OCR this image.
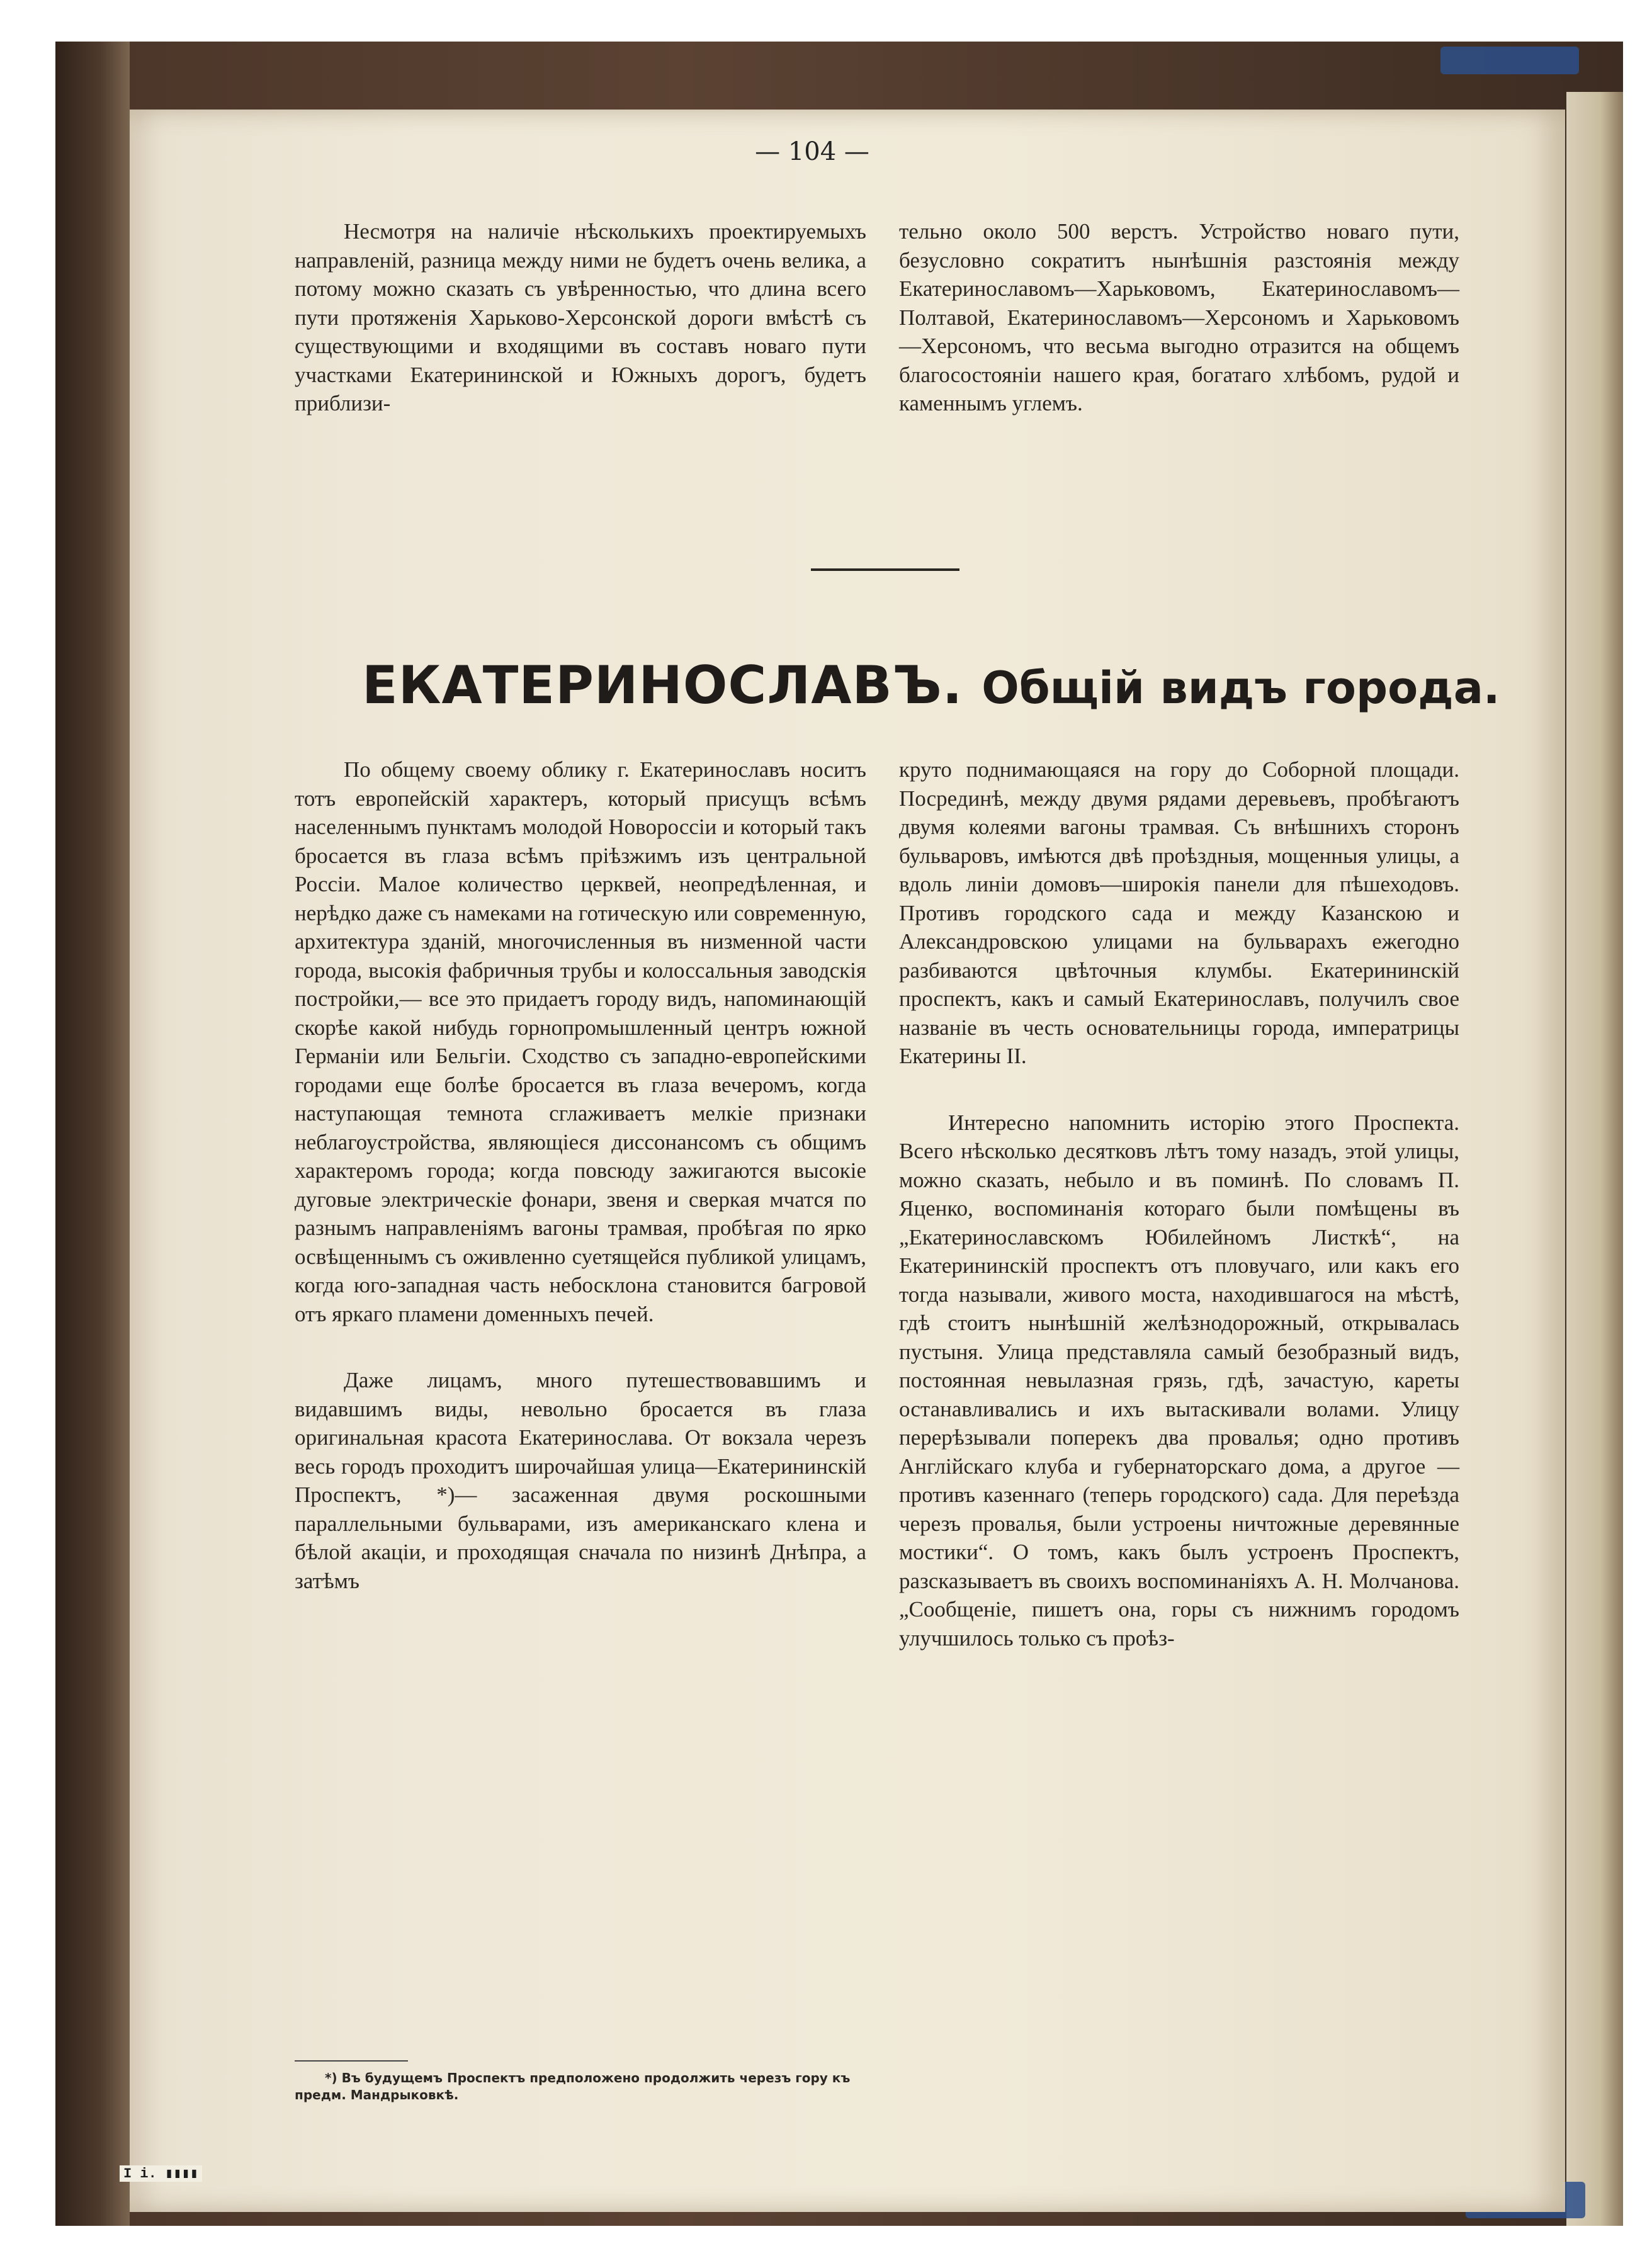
I i. ▮▮▮▮
— 104 —

Несмотря на наличіе нѣсколькихъ проектируемыхъ направленій, разница между ними не будетъ очень велика, а потому можно сказать съ увѣренностью, что длина всего пути протяженія Харьково-Херсонской дороги вмѣстѣ съ существующими и входящими въ составъ новаго пути участками Екатерининской и Южныхъ дорогъ, будетъ приблизи-

тельно около 500 верстъ. Устройство новаго пути, безусловно сократитъ нынѣшнія разстоянія между Екатеринославомъ—Харьковомъ, Екатеринославомъ—Полтавой, Екатеринославомъ—Херсономъ и Харьковомъ—Херсономъ, что весьма выгодно отразится на общемъ благосостояніи нашего края, богатаго хлѣбомъ, рудой и каменнымъ углемъ.

ЕКАТЕРИНОСЛАВЪ. Общій видъ города.

По общему своему облику г. Екатеринославъ носитъ тотъ европейскій характеръ, который присущъ всѣмъ населеннымъ пунктамъ молодой Новороссіи и который такъ бросается въ глаза всѣмъ пріѣзжимъ изъ центральной Россіи. Малое количество церквей, неопредѣленная, и нерѣдко даже съ намеками на готическую или современную, архитектура зданій, многочисленныя въ низменной части города, высокія фабричныя трубы и колоссальныя заводскія постройки,— все это придаетъ городу видъ, напоминающій скорѣе какой нибудь горнопромышленный центръ южной Германіи или Бельгіи. Сходство съ западно-европейскими городами еще болѣе бросается въ глаза вечеромъ, когда наступающая темнота сглаживаетъ мелкіе признаки неблагоустройства, являющіеся диссонансомъ съ общимъ характеромъ города; когда повсюду зажигаются высокіе дуговые электрическіе фонари, звеня и сверкая мчатся по разнымъ направленіямъ вагоны трамвая, пробѣгая по ярко освѣщеннымъ съ оживленно суетящейся публикой улицамъ, когда юго-западная часть небосклона становится багровой отъ яркаго пламени доменныхъ печей.

Даже лицамъ, много путешествовавшимъ и видавшимъ виды, невольно бросается въ глаза оригинальная красота Екатеринослава. От вокзала черезъ весь городъ проходитъ широчайшая улица—Екатерининскій Проспектъ, *)— засаженная двумя роскошными параллельными бульварами, изъ американскаго клена и бѣлой акаціи, и проходящая сначала по низинѣ Днѣпра, а затѣмъ

*) Въ будущемъ Проспектъ предположено продолжить черезъ гору къ предм. Мандрыковкѣ.

круто поднимающаяся на гору до Соборной площади. Посрединѣ, между двумя рядами деревьевъ, пробѣгаютъ двумя колеями вагоны трамвая. Съ внѣшнихъ сторонъ бульваровъ, имѣются двѣ проѣздныя, мощенныя улицы, а вдоль линіи домовъ—широкія панели для пѣшеходовъ. Противъ городского сада и между Казанскою и Александровскою улицами на бульварахъ ежегодно разбиваются цвѣточныя клумбы. Екатерининскій проспектъ, какъ и самый Екатеринославъ, получилъ свое названіе въ честь основательницы города, императрицы Екатерины II.

Интересно напомнить исторію этого Проспекта. Всего нѣсколько десятковъ лѣтъ тому назадъ, этой улицы, можно сказать, небыло и въ поминѣ. По словамъ П. Яценко, воспоминанія котораго были помѣщены въ „Екатеринославскомъ Юбилейномъ Листкѣ“, на Екатерининскій проспектъ отъ пловучаго, или какъ его тогда называли, живого моста, находившагося на мѣстѣ, гдѣ стоитъ нынѣшній желѣзнодорожный, открывалась пустыня. Улица представляла самый безобразный видъ, постоянная невылазная грязь, гдѣ, зачастую, кареты останавливались и ихъ вытаскивали волами. Улицу перерѣзывали поперекъ два провалья; одно противъ Англійскаго клуба и губернаторскаго дома, а другое —противъ казеннаго (теперь городского) сада. Для переѣзда черезъ провалья, были устроены ничтожные деревянные мостики“. О томъ, какъ былъ устроенъ Проспектъ, разсказываетъ въ своихъ воспоминаніяхъ А. Н. Молчанова. „Сообщеніе, пишетъ она, горы съ нижнимъ городомъ улучшилось только съ проѣз-
